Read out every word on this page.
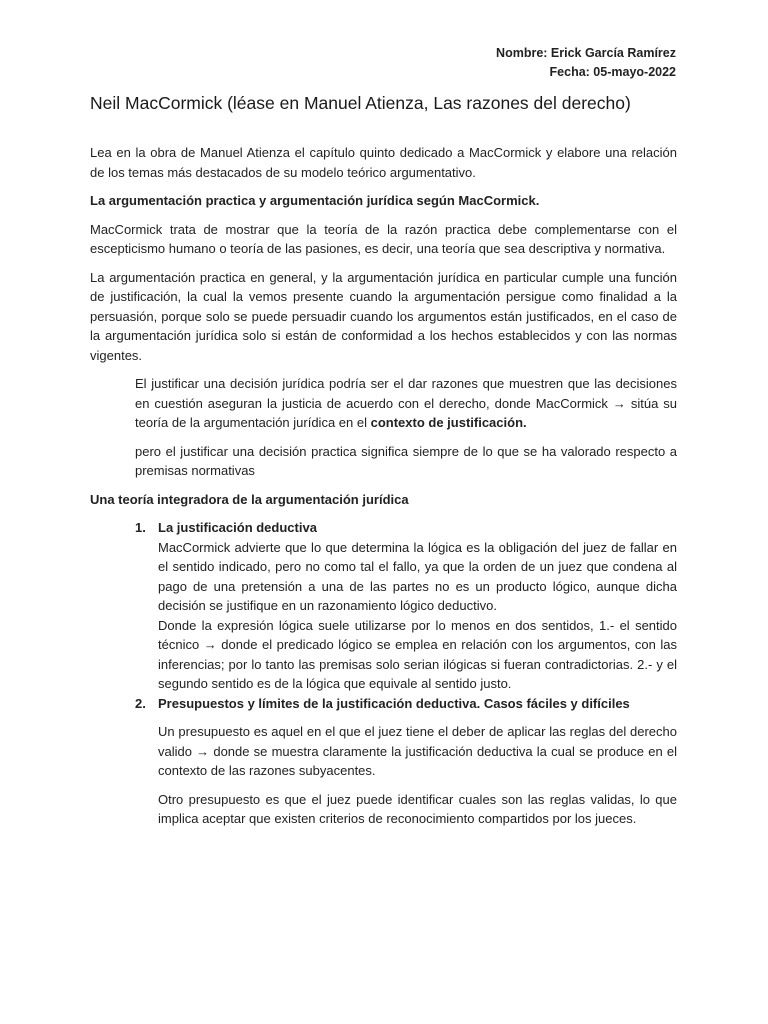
Nombre: Erick García Ramírez
Fecha: 05-mayo-2022
Neil MacCormick (léase en Manuel Atienza, Las razones del derecho)

Lea en la obra de Manuel Atienza el capítulo quinto dedicado a MacCormick y elabore una relación de los temas más destacados de su modelo teórico argumentativo.

La argumentación practica y argumentación jurídica según MacCormick.

MacCormick trata de mostrar que la teoría de la razón practica debe complementarse con el escepticismo humano o teoría de las pasiones, es decir, una teoría que sea descriptiva y normativa.

La argumentación practica en general, y la argumentación jurídica en particular cumple una función de justificación, la cual la vemos presente cuando la argumentación persigue como finalidad a la persuasión, porque solo se puede persuadir cuando los argumentos están justificados, en el caso de la argumentación jurídica solo si están de conformidad a los hechos establecidos y con las normas vigentes.

El justificar una decisión jurídica podría ser el dar razones que muestren que las decisiones en cuestión aseguran la justicia de acuerdo con el derecho, donde MacCormick → sitúa su teoría de la argumentación jurídica en el contexto de justificación.

pero el justificar una decisión practica significa siempre de lo que se ha valorado respecto a premisas normativas

Una teoría integradora de la argumentación jurídica

1. La justificación deductiva
MacCormick advierte que lo que determina la lógica es la obligación del juez de fallar en el sentido indicado, pero no como tal el fallo, ya que la orden de un juez que condena al pago de una pretensión a una de las partes no es un producto lógico, aunque dicha decisión se justifique en un razonamiento lógico deductivo.
Donde la expresión lógica suele utilizarse por lo menos en dos sentidos, 1.- el sentido técnico → donde el predicado lógico se emplea en relación con los argumentos, con las inferencias; por lo tanto las premisas solo serian ilógicas si fueran contradictorias. 2.- y el segundo sentido es de la lógica que equivale al sentido justo.
2. Presupuestos y límites de la justificación deductiva. Casos fáciles y difíciles
Un presupuesto es aquel en el que el juez tiene el deber de aplicar las reglas del derecho valido → donde se muestra claramente la justificación deductiva la cual se produce en el contexto de las razones subyacentes.
Otro presupuesto es que el juez puede identificar cuales son las reglas validas, lo que implica aceptar que existen criterios de reconocimiento compartidos por los jueces.
